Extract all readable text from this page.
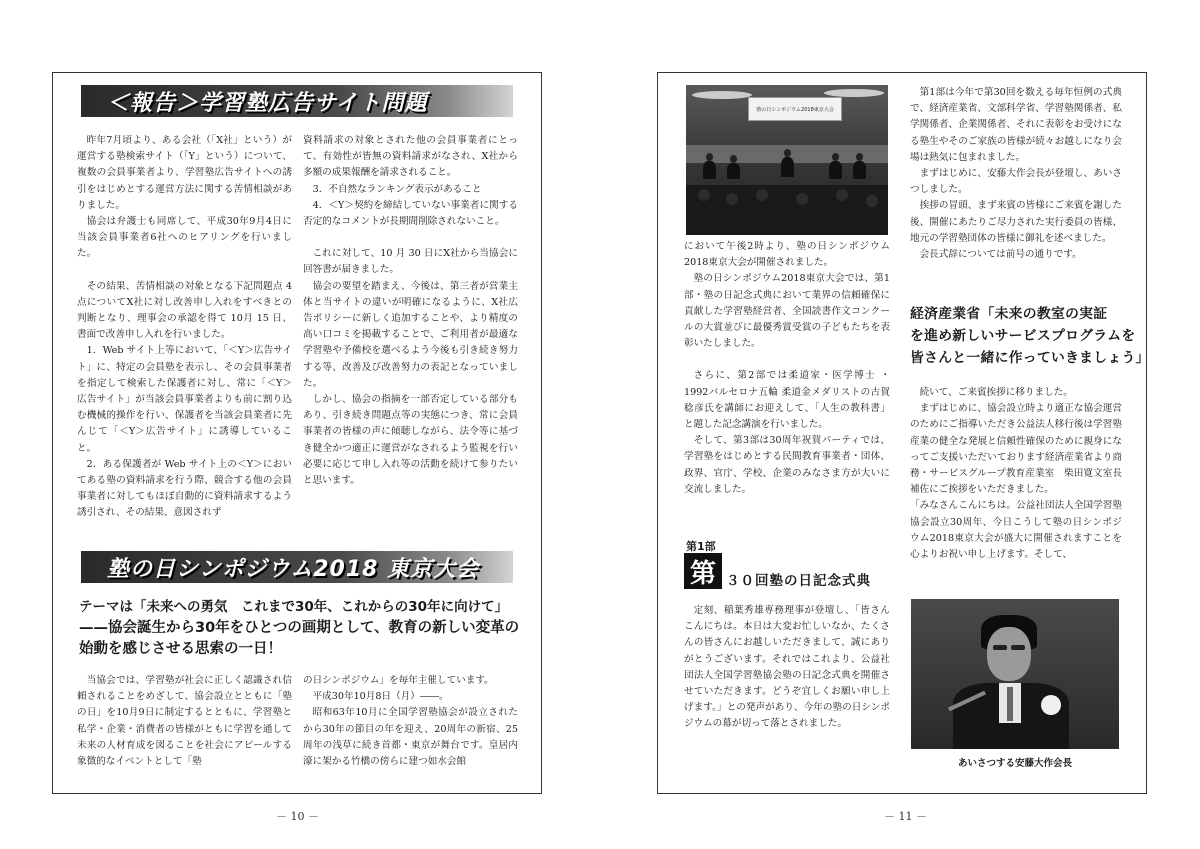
＜報告＞学習塾広告サイト問題

昨年7月頃より、ある会社（「X社」という）が運営する塾検索サイト（「Y」という）について、複数の会員事業者より、学習塾広告サイトへの誘引をはじめとする運営方法に関する苦情相談がありました。

協会は弁護士も同席して、平成30年9月4日に当該会員事業者6社へのヒアリングを行いました。

その結果、苦情相談の対象となる下記問題点 4 点についてX社に対し改善申し入れをすべきとの判断となり、理事会の承認を得て 10月 15 日、書面で改善申し入れを行いました。

1．Web サイト上等において、「＜Y＞広告サイト」に、特定の会員塾を表示し、その会員事業者を指定して検索した保護者に対し、常に「＜Y＞広告サイト」が当該会員事業者よりも前に割り込む機械的操作を行い、保護者を当該会員業者に先んじて「＜Y＞広告サイト」に誘導していること。

2．ある保護者が Web サイト上の＜Y＞においてある塾の資料請求を行う際、競合する他の会員事業者に対してもほぼ自動的に資料請求するよう誘引され、その結果、意図されず

資料請求の対象とされた他の会員事業者にとって、有効性が皆無の資料請求がなされ、X社から多額の成果報酬を請求されること。

3．不自然なランキング表示があること

4．＜Y＞契約を締結していない事業者に関する否定的なコメントが長期間削除されないこと。

これに対して、10 月 30 日にX社から当協会に回答書が届きました。

協会の要望を踏まえ、今後は、第三者が営業主体と当サイトの違いが明確になるように、X社広告ポリシーに新しく追加することや、より精度の高い口コミを掲載することで、ご利用者が最適な学習塾や予備校を選べるよう今後も引き続き努力する等、改善及び改善努力の表記となっていました。

しかし、協会の指摘を一部否定している部分もあり、引き続き問題点等の実態につき、常に会員事業者の皆様の声に傾聴しながら、法令等に基づき健全かつ適正に運営がなされるよう監視を行い必要に応じて申し入れ等の活動を続けて参りたいと思います。

塾の日シンポジウム2018 東京大会
テーマは「未来への勇気　これまで30年、これからの30年に向けて」
——協会誕生から30年をひとつの画期として、教育の新しい変革の
始動を感じさせる思索の一日！

当協会では、学習塾が社会に正しく認識され信頼されることをめざして、協会設立とともに「塾の日」を10月9日に制定するとともに、学習塾と私学・企業・消費者の皆様がともに学習を通して未来の人材育成を図ることを社会にアピールする象徴的なイベントとして「塾

の日シンポジウム」を毎年主催しています。

平成30年10月8日（月）――。

昭和63年10月に全国学習塾協会が設立されたから30年の節目の年を迎え、20周年の新宿、25周年の浅草に続き首都・東京が舞台です。皇居内濠に架かる竹橋の傍らに建つ如水会館

－ 10 －
塾の日シンポジウム2018東京大会

において午後2時より、塾の日シンポジウム2018東京大会が開催されました。

塾の日シンポジウム2018東京大会では、第1部・塾の日記念式典において業界の信頼確保に貢献した学習塾経営者、全国読書作文コンクールの大賞並びに最優秀賞受賞の子どもたちを表彰いたしました。

さらに、第2部では柔道家・医学博士 ・1992バルセロナ五輪 柔道金メダリストの古賀稔彦氏を講師にお迎えして、「人生の教科書」と題した記念講演を行いました。

そして、第3部は30周年祝賀パーティでは、学習塾をはじめとする民間教育事業者・団体、政界、官庁、学校、企業のみなさま方が大いに交流しました。

第1部
第 ３０回塾の日記念式典

定刻、稲葉秀雄専務理事が登壇し、「皆さんこんにちは。本日は大変お忙しいなか、たくさんの皆さんにお越しいただきまして、誠にありがとうございます。それではこれより、公益社団法人全国学習塾協会塾の日記念式典を開催させていただきます。どうぞ宜しくお願い申し上げます。」との発声があり、今年の塾の日シンポジウムの幕が切って落とされました。

第1部は今年で第30回を数える毎年恒例の式典で、経済産業省、文部科学省、学習塾関係者、私学関係者、企業関係者、それに表彰をお受けになる塾生やそのご家族の皆様が続々お越しになり会場は熱気に包まれました。

まずはじめに、安藤大作会長が登壇し、あいさつしました。

挨拶の冒頭、まず来賓の皆様にご来賓を謝した後、開催にあたりご尽力された実行委員の皆様、地元の学習塾団体の皆様に御礼を述べました。

会長式辞については前号の通りです。

経済産業省「未来の教室の実証
を進め新しいサービスプログラムを
皆さんと一緒に作っていきましょう」

続いて、ご来賓挨拶に移りました。

まずはじめに、協会設立時より適正な協会運営のためにご指導いただき公益法人移行後は学習塾産業の健全な発展と信頼性確保のために親身になってご支援いただいております経済産業省より商務・サービスグループ教育産業室　柴田寛文室長補佐にご挨拶をいただきました。

「みなさんこんにちは。公益社団法人全国学習塾協会設立30周年、今日こうして塾の日シンポジウム2018東京大会が盛大に開催されますことを心よりお祝い申し上げます。そして、

あいさつする安藤大作会長
－ 11 －
